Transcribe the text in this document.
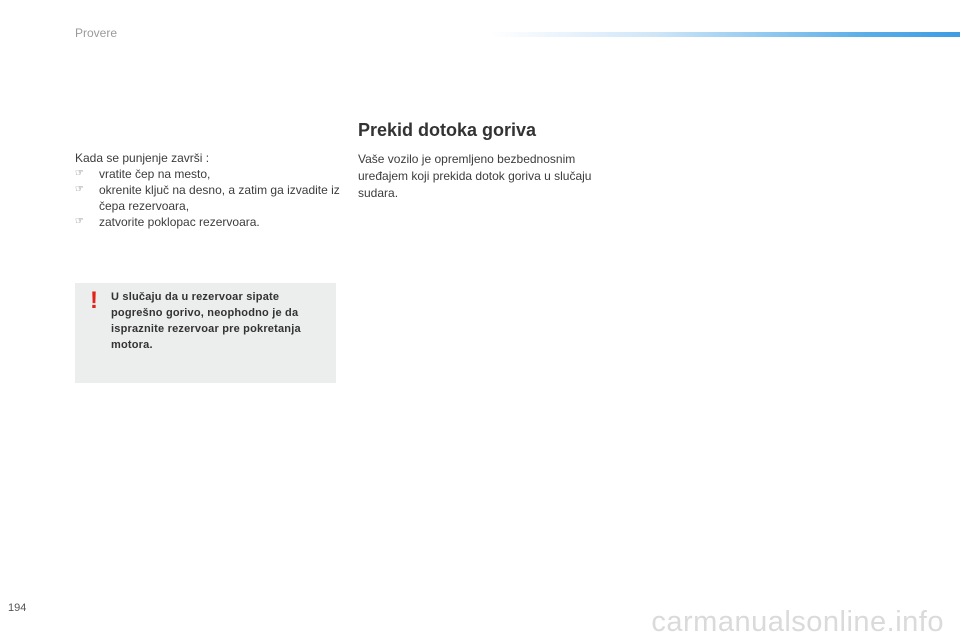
Provere

Kada se punjenje završi :

☞ vratite čep na mesto,
☞ okrenite ključ na desno, a zatim ga izvadite iz čepa rezervoara,
☞ zatvorite poklopac rezervoara.
! U slučaju da u rezervoar sipate pogrešno gorivo, neophodno je da ispraznite rezervoar pre pokretanja motora.

Prekid dotoka goriva

Vaše vozilo je opremljeno bezbednosnim uređajem koji prekida dotok goriva u slučaju sudara.

194	carmanualsonline.info
